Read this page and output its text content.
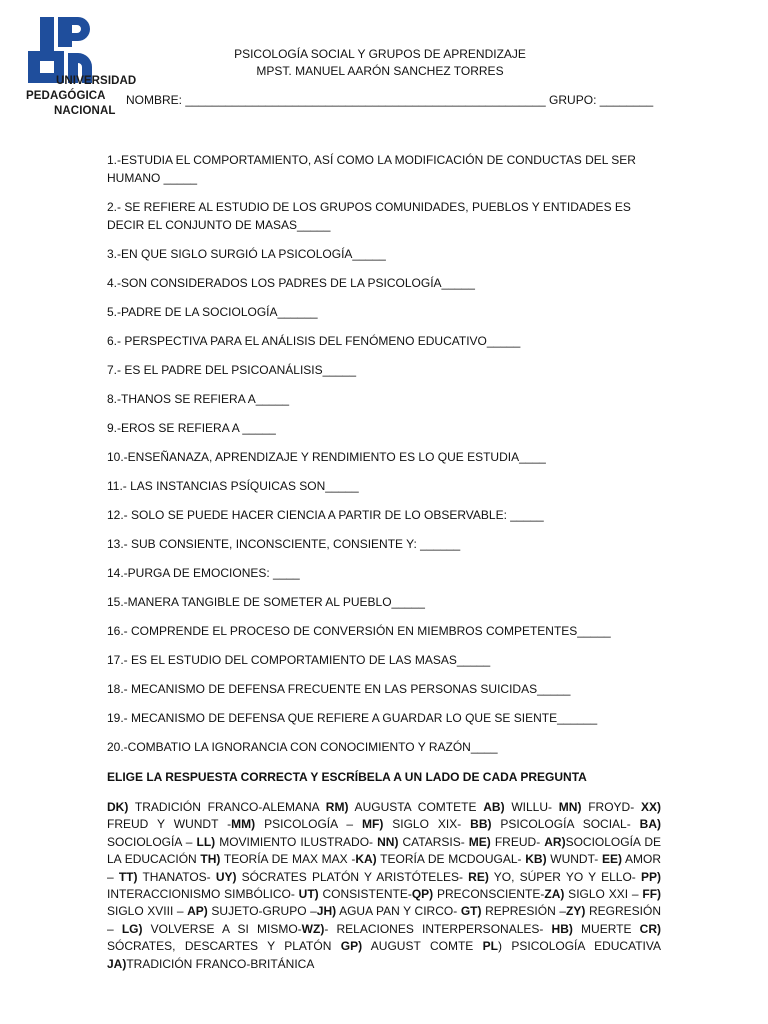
UNIVERSIDAD
PEDAGÓGICA
NACIONAL
PSICOLOGÍA SOCIAL Y GRUPOS DE APRENDIZAJE
MPST. MANUEL AARÓN SANCHEZ TORRES
NOMBRE: ______________________________________________________ GRUPO: ________
1.-ESTUDIA EL COMPORTAMIENTO, ASÍ COMO LA MODIFICACIÓN DE CONDUCTAS DEL SER HUMANO _____
2.- SE REFIERE AL ESTUDIO DE LOS GRUPOS COMUNIDADES, PUEBLOS Y ENTIDADES ES DECIR EL CONJUNTO DE MASAS_____
3.-EN QUE SIGLO SURGIÓ LA PSICOLOGÍA_____
4.-SON CONSIDERADOS LOS PADRES DE LA PSICOLOGÍA_____
5.-PADRE DE LA SOCIOLOGÍA______
6.- PERSPECTIVA PARA EL ANÁLISIS DEL FENÓMENO EDUCATIVO_____
7.- ES EL PADRE DEL PSICOANÁLISIS_____
8.-THANOS SE REFIERA A_____
9.-EROS SE REFIERA A _____
10.-ENSEÑANAZA, APRENDIZAJE Y RENDIMIENTO ES LO QUE ESTUDIA____
11.- LAS INSTANCIAS PSÍQUICAS SON_____
12.- SOLO SE PUEDE HACER CIENCIA A PARTIR DE LO OBSERVABLE: _____
13.- SUB CONSIENTE, INCONSCIENTE, CONSIENTE Y: ______
14.-PURGA DE EMOCIONES: ____
15.-MANERA TANGIBLE DE SOMETER AL PUEBLO_____
16.- COMPRENDE EL PROCESO DE CONVERSIÓN EN MIEMBROS COMPETENTES_____
17.- ES EL ESTUDIO DEL COMPORTAMIENTO DE LAS MASAS_____
18.- MECANISMO DE DEFENSA FRECUENTE EN LAS PERSONAS SUICIDAS_____
19.- MECANISMO DE DEFENSA QUE REFIERE A GUARDAR LO QUE SE SIENTE______
20.-COMBATIO LA IGNORANCIA CON CONOCIMIENTO Y RAZÓN____
ELIGE LA RESPUESTA CORRECTA Y ESCRÍBELA A UN LADO DE CADA PREGUNTA
DK) TRADICIÓN FRANCO-ALEMANA RM) AUGUSTA COMTETE AB) WILLU- MN) FROYD- XX) FREUD Y WUNDT -MM) PSICOLOGÍA – MF) SIGLO XIX- BB) PSICOLOGÍA SOCIAL- BA) SOCIOLOGÍA – LL) MOVIMIENTO ILUSTRADO- NN) CATARSIS- ME) FREUD- AR)SOCIOLOGÍA DE LA EDUCACIÓN TH) TEORÍA DE MAX MAX -KA) TEORÍA DE MCDOUGAL- KB) WUNDT- EE) AMOR – TT) THANATOS- UY) SÓCRATES PLATÓN Y ARISTÓTELES- RE) YO, SÚPER YO Y ELLO- PP) INTERACCIONISMO SIMBÓLICO- UT) CONSISTENTE-QP) PRECONSCIENTE-ZA) SIGLO XXI – FF) SIGLO XVIII – AP) SUJETO-GRUPO –JH) AGUA PAN Y CIRCO- GT) REPRESIÓN –ZY) REGRESIÓN – LG) VOLVERSE A SI MISMO-WZ)- RELACIONES INTERPERSONALES- HB) MUERTE CR) SÓCRATES, DESCARTES Y PLATÓN GP) AUGUST COMTE PL) PSICOLOGÍA EDUCATIVA JA)TRADICIÓN FRANCO-BRITÁNICA
